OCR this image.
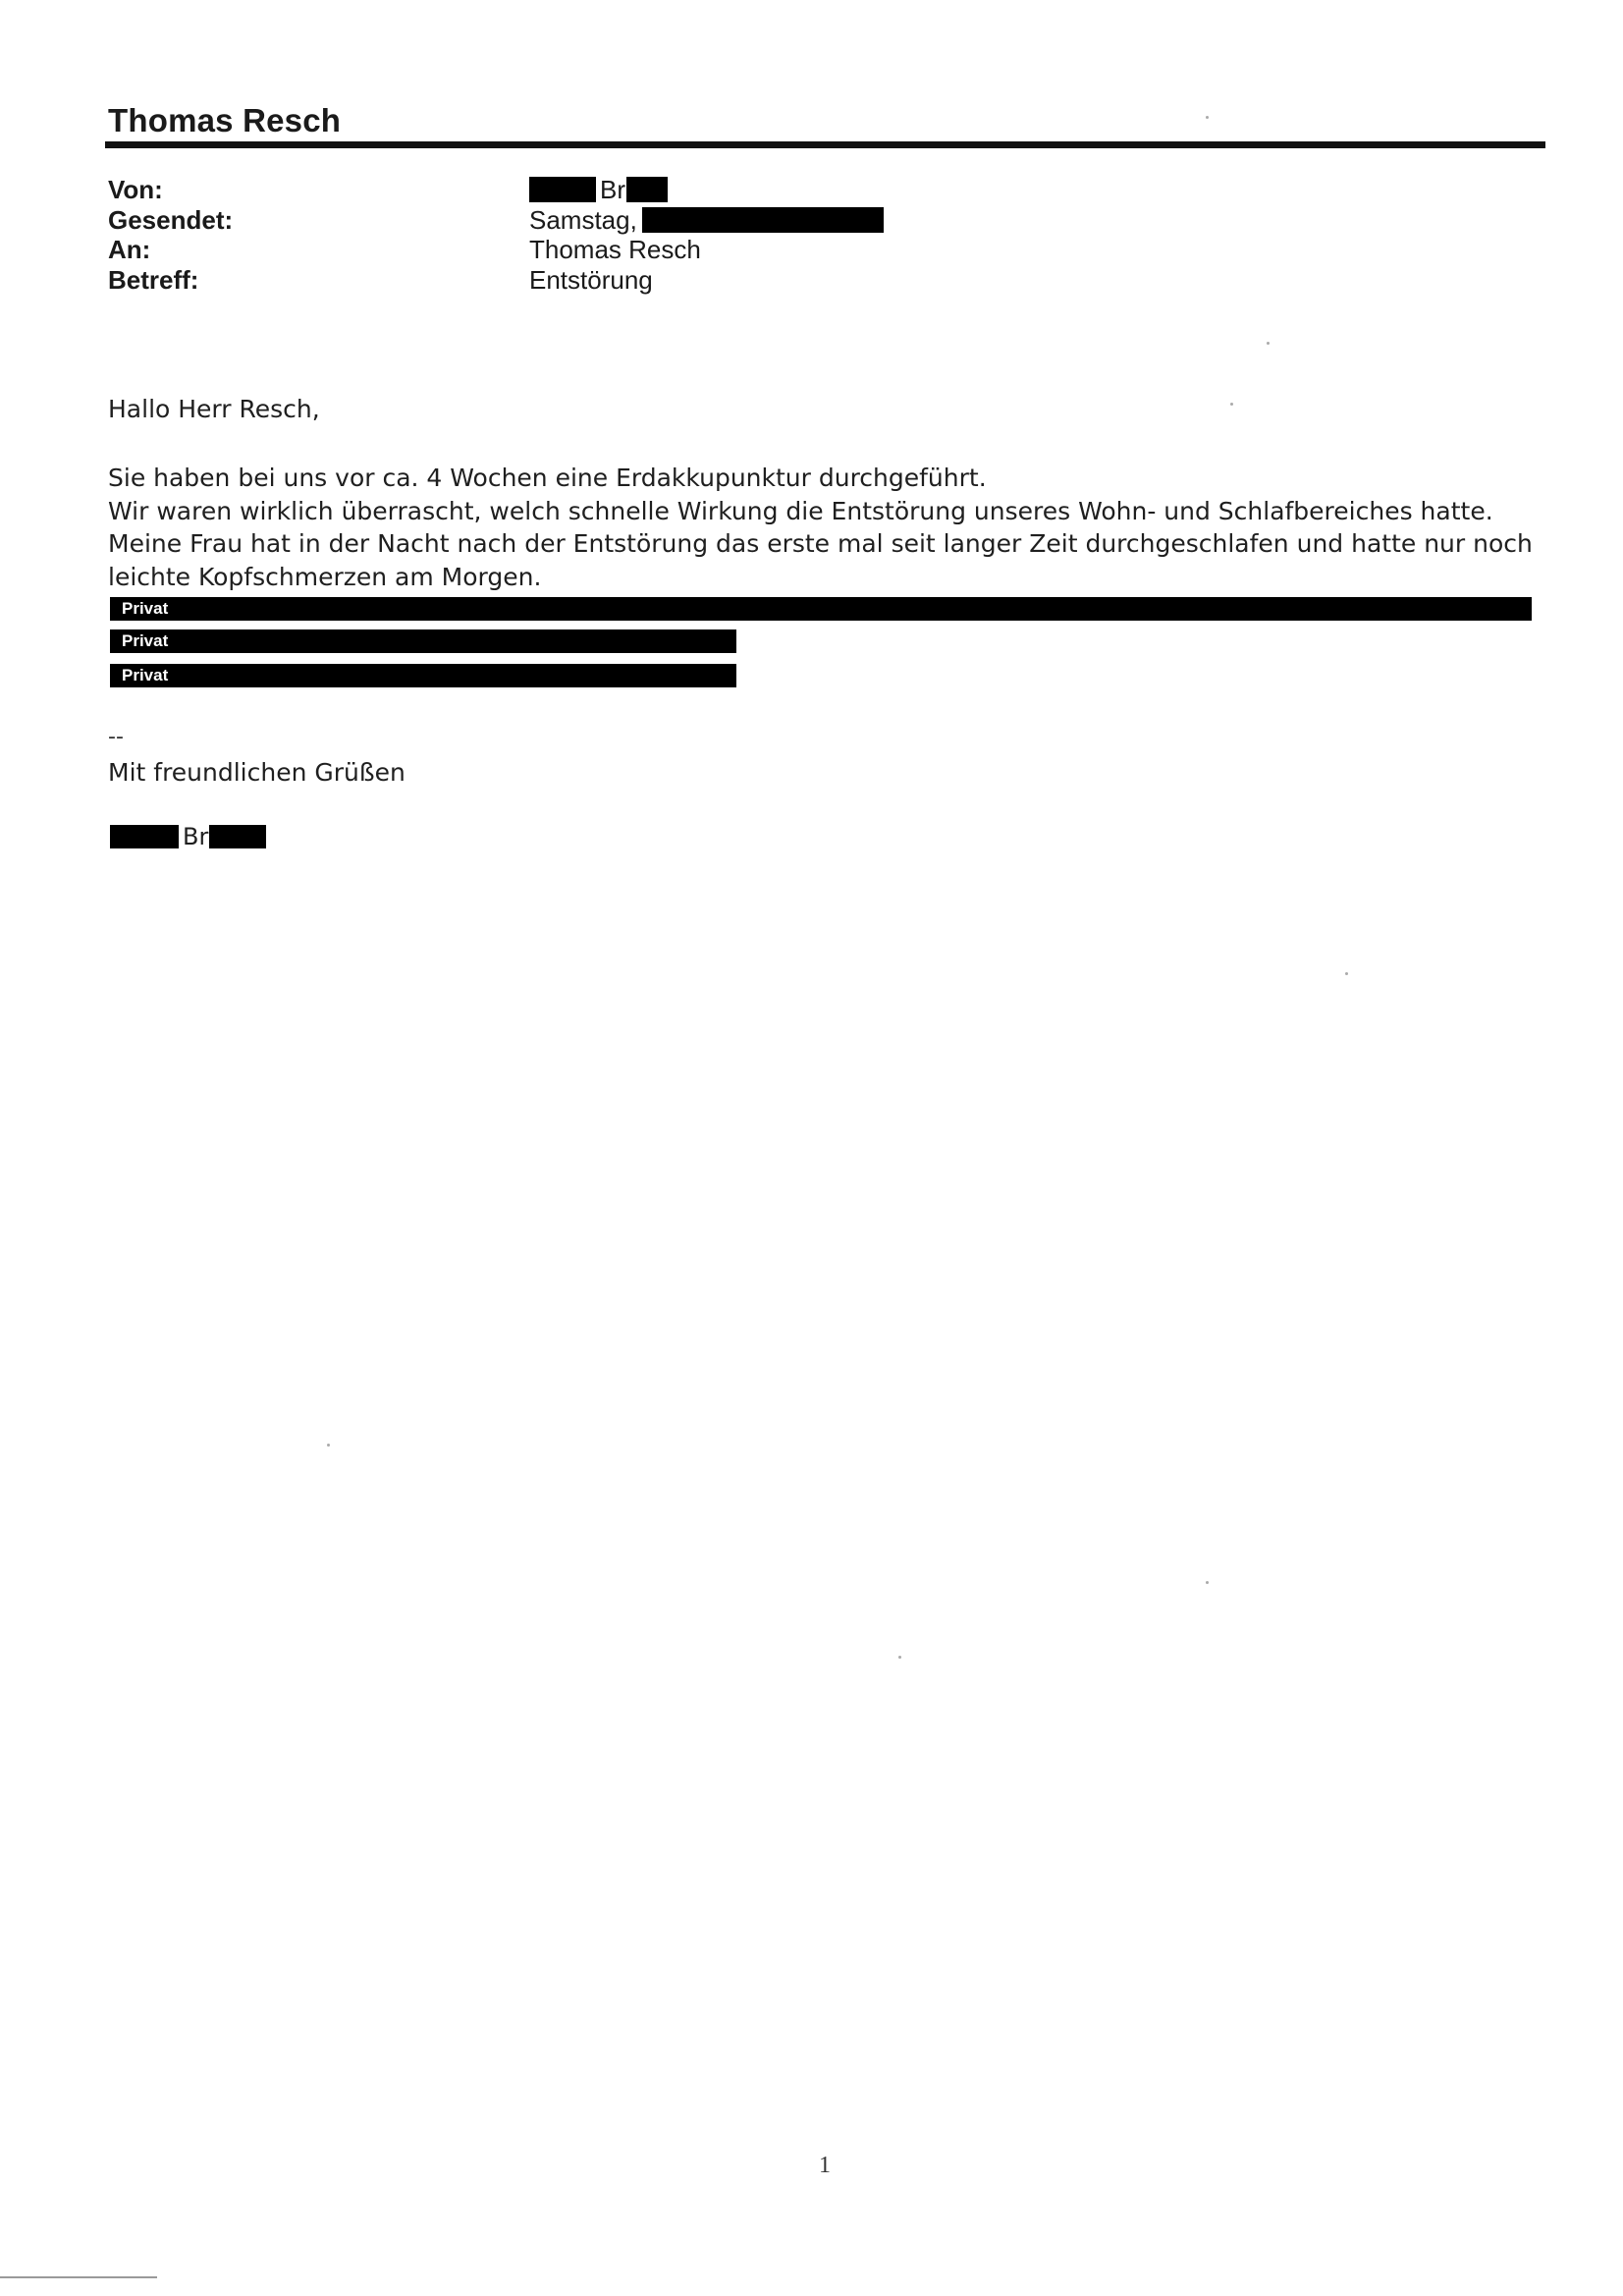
Thomas Resch
Von:	Br
Gesendet:	Samstag,
An:	Thomas Resch
Betreff:	Entstörung
Hallo Herr Resch,
Sie haben bei uns vor ca. 4 Wochen eine Erdakkupunktur durchgeführt.
Wir waren wirklich überrascht, welch schnelle Wirkung die Entstörung unseres Wohn- und Schlafbereiches hatte.
Meine Frau hat in der Nacht nach der Entstörung das erste mal seit langer Zeit durchgeschlafen und hatte nur noch
leichte Kopfschmerzen am Morgen.
Privat
Privat
Privat
--
Mit freundlichen Grüßen
Br
1
